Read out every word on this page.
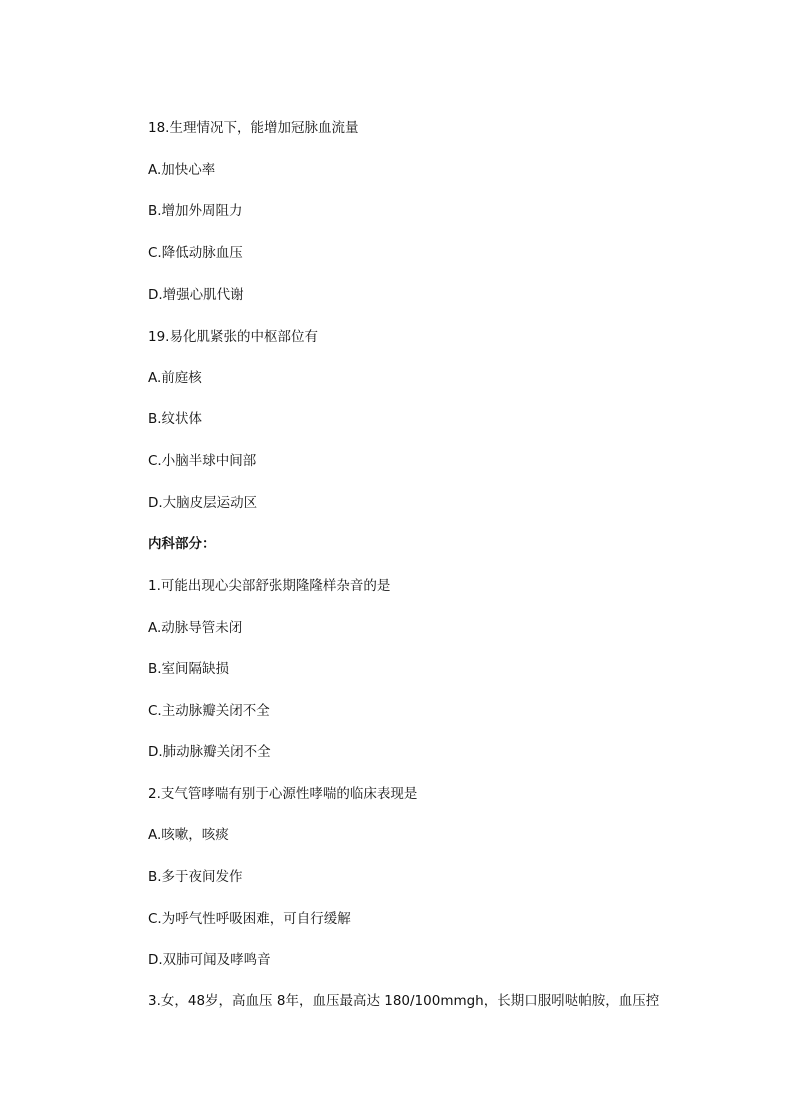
18.生理情况下，能增加冠脉血流量
A.加快心率
B.增加外周阻力
C.降低动脉血压
D.增强心肌代谢
19.易化肌紧张的中枢部位有
A.前庭核
B.纹状体
C.小脑半球中间部
D.大脑皮层运动区
内科部分：
1.可能出现心尖部舒张期隆隆样杂音的是
A.动脉导管未闭
B.室间隔缺损
C.主动脉瓣关闭不全
D.肺动脉瓣关闭不全
2.支气管哮喘有别于心源性哮喘的临床表现是
A.咳嗽，咳痰
B.多于夜间发作
C.为呼气性呼吸困难，可自行缓解
D.双肺可闻及哮鸣音
3.女，48岁，高血压 8年，血压最高达 180/100mmgh，长期口服吲哒帕胺，血压控
